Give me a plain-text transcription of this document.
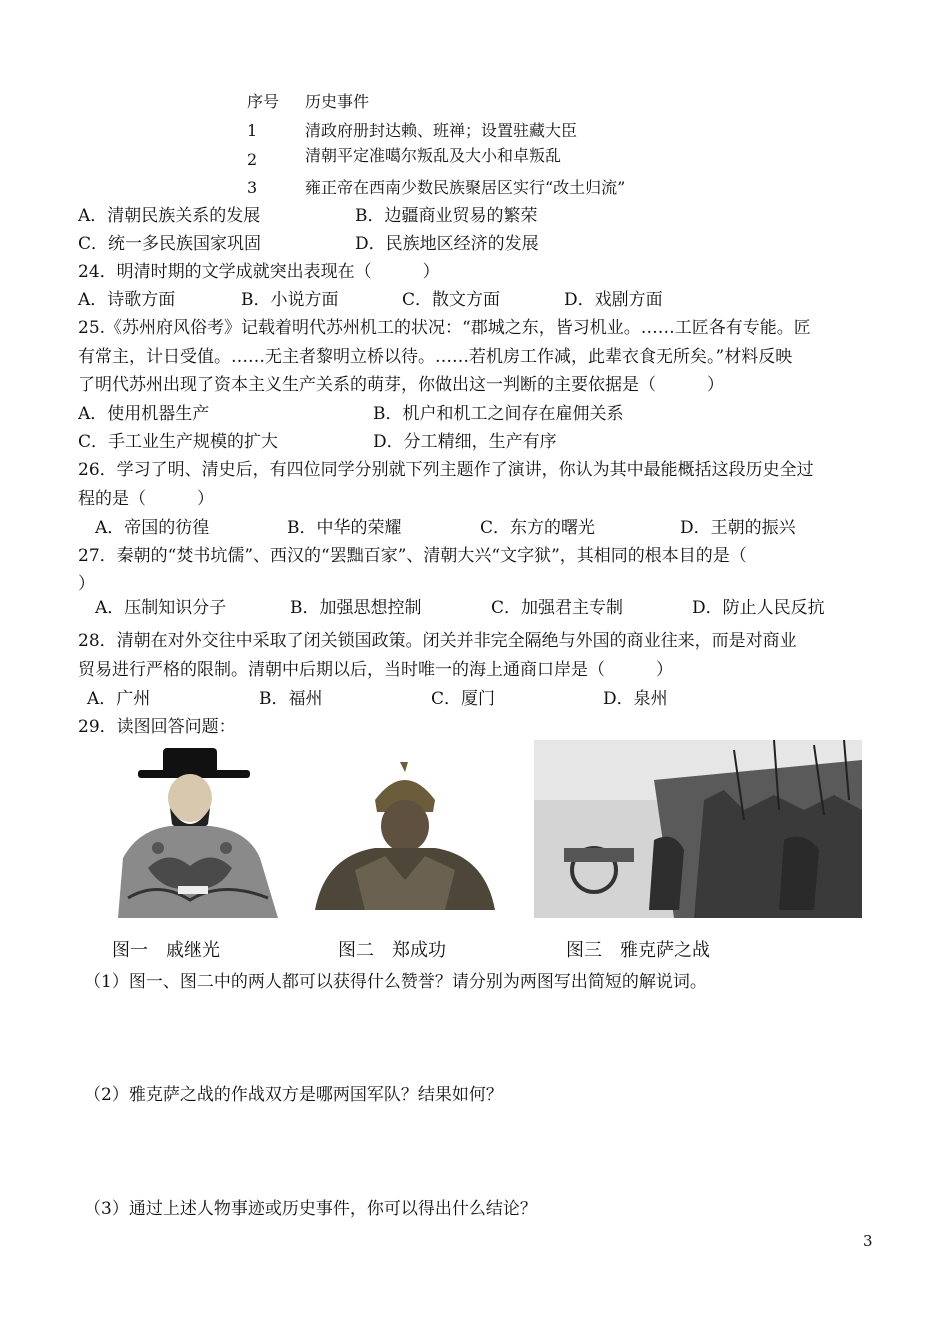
序号 历史事件
1	清政府册封达赖、班禅；设置驻藏大臣
2	清朝平定准噶尔叛乱及大小和卓叛乱
3	雍正帝在西南少数民族聚居区实行“改土归流”
A．清朝民族关系的发展	B．边疆商业贸易的繁荣
C．统一多民族国家巩固	D．民族地区经济的发展
24．明清时期的文学成就突出表现在（　　　）
A．诗歌方面	B．小说方面	C．散文方面	D．戏剧方面
25.《苏州府风俗考》记载着明代苏州机工的状况：“郡城之东，皆习机业。……工匠各有专能。匠
有常主，计日受值。……无主者黎明立桥以待。……若机房工作减，此辈衣食无所矣。”材料反映
了明代苏州出现了资本主义生产关系的萌芽，你做出这一判断的主要依据是（　　　）
A．使用机器生产	B．机户和机工之间存在雇佣关系
C．手工业生产规模的扩大	D．分工精细，生产有序
26．学习了明、清史后，有四位同学分别就下列主题作了演讲，你认为其中最能概括这段历史全过
程的是（　　　）
A．帝国的彷徨	B．中华的荣耀	C．东方的曙光	D．王朝的振兴
27．秦朝的“焚书坑儒”、西汉的“罢黜百家”、清朝大兴“文字狱”，其相同的根本目的是（
）
A．压制知识分子	B．加强思想控制	C．加强君主专制	D．防止人民反抗
28．清朝在对外交往中采取了闭关锁国政策。闭关并非完全隔绝与外国的商业往来，而是对商业
贸易进行严格的限制。清朝中后期以后，当时唯一的海上通商口岸是（　　　）
A．广州	B．福州	C．厦门	D．泉州
29．读图回答问题：
图一　戚继光	图二　郑成功	图三　雅克萨之战
（1）图一、图二中的两人都可以获得什么赞誉？请分别为两图写出简短的解说词。
（2）雅克萨之战的作战双方是哪两国军队？结果如何？
（3）通过上述人物事迹或历史事件，你可以得出什么结论？
3
